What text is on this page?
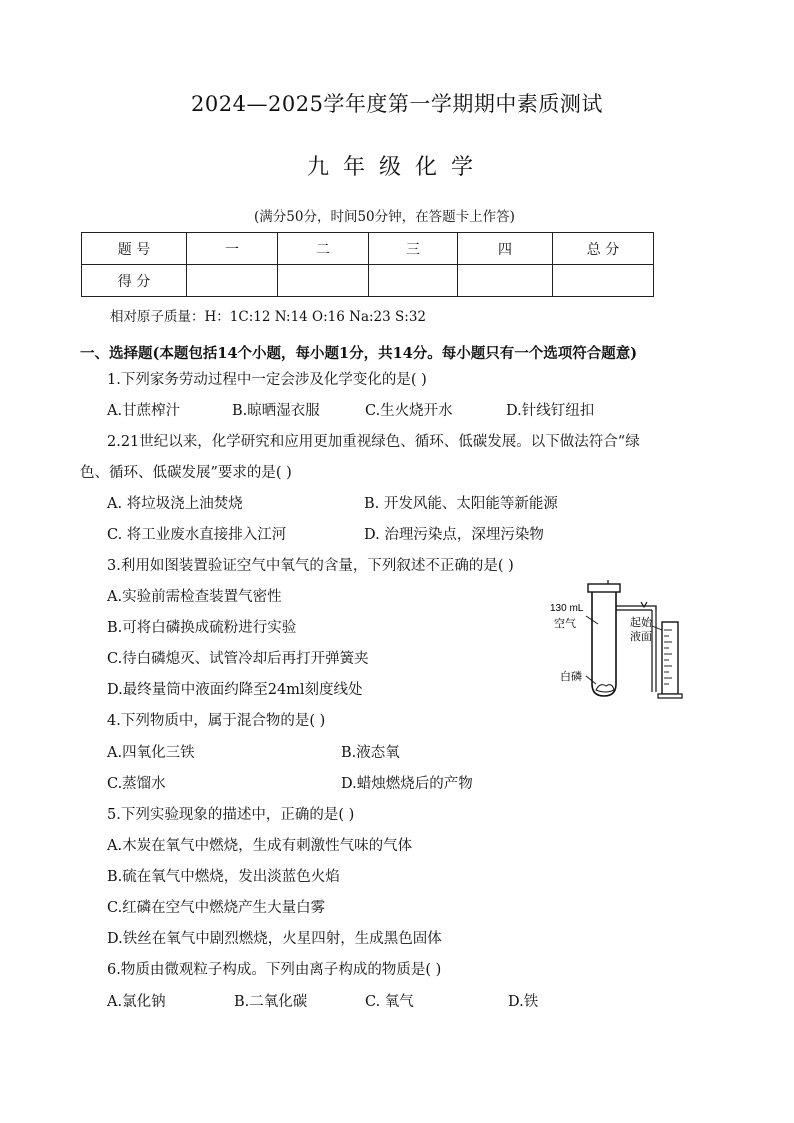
2024—2025学年度第一学期期中素质测试
九年级化学
(满分50分，时间50分钟，在答题卡上作答)
题 号	一	二	三	四	总 分
得 分					
相对原子质量：H：1C:12 N:14 O:16 Na:23 S:32
一、选择题(本题包括14个小题，每小题1分，共14分。每小题只有一个选项符合题意)
1.下列家务劳动过程中一定会涉及化学变化的是( )
A.甘蔗榨汁	B.晾晒湿衣服	C.生火烧开水	D.针线钉纽扣
2.21世纪以来，化学研究和应用更加重视绿色、循环、低碳发展。以下做法符合“绿
色、循环、低碳发展”要求的是( )
A. 将垃圾浇上油焚烧	B. 开发风能、太阳能等新能源
C. 将工业废水直接排入江河	D. 治理污染点，深埋污染物
3.利用如图装置验证空气中氧气的含量，下列叙述不正确的是( )
A.实验前需检查装置气密性
B.可将白磷换成硫粉进行实验
C.待白磷熄灭、试管冷却后再打开弹簧夹
D.最终量筒中液面约降至24ml刻度线处
130 mL
空气	起始
液面
白磷
4.下列物质中，属于混合物的是( )
A.四氧化三铁	B.液态氧
C.蒸馏水	D.蜡烛燃烧后的产物
5.下列实验现象的描述中，正确的是( )
A.木炭在氧气中燃烧，生成有刺激性气味的气体
B.硫在氧气中燃烧，发出淡蓝色火焰
C.红磷在空气中燃烧产生大量白雾
D.铁丝在氧气中剧烈燃烧，火星四射，生成黑色固体
6.物质由微观粒子构成。下列由离子构成的物质是( )
A.氯化钠	B.二氧化碳	C. 氧气	D.铁
